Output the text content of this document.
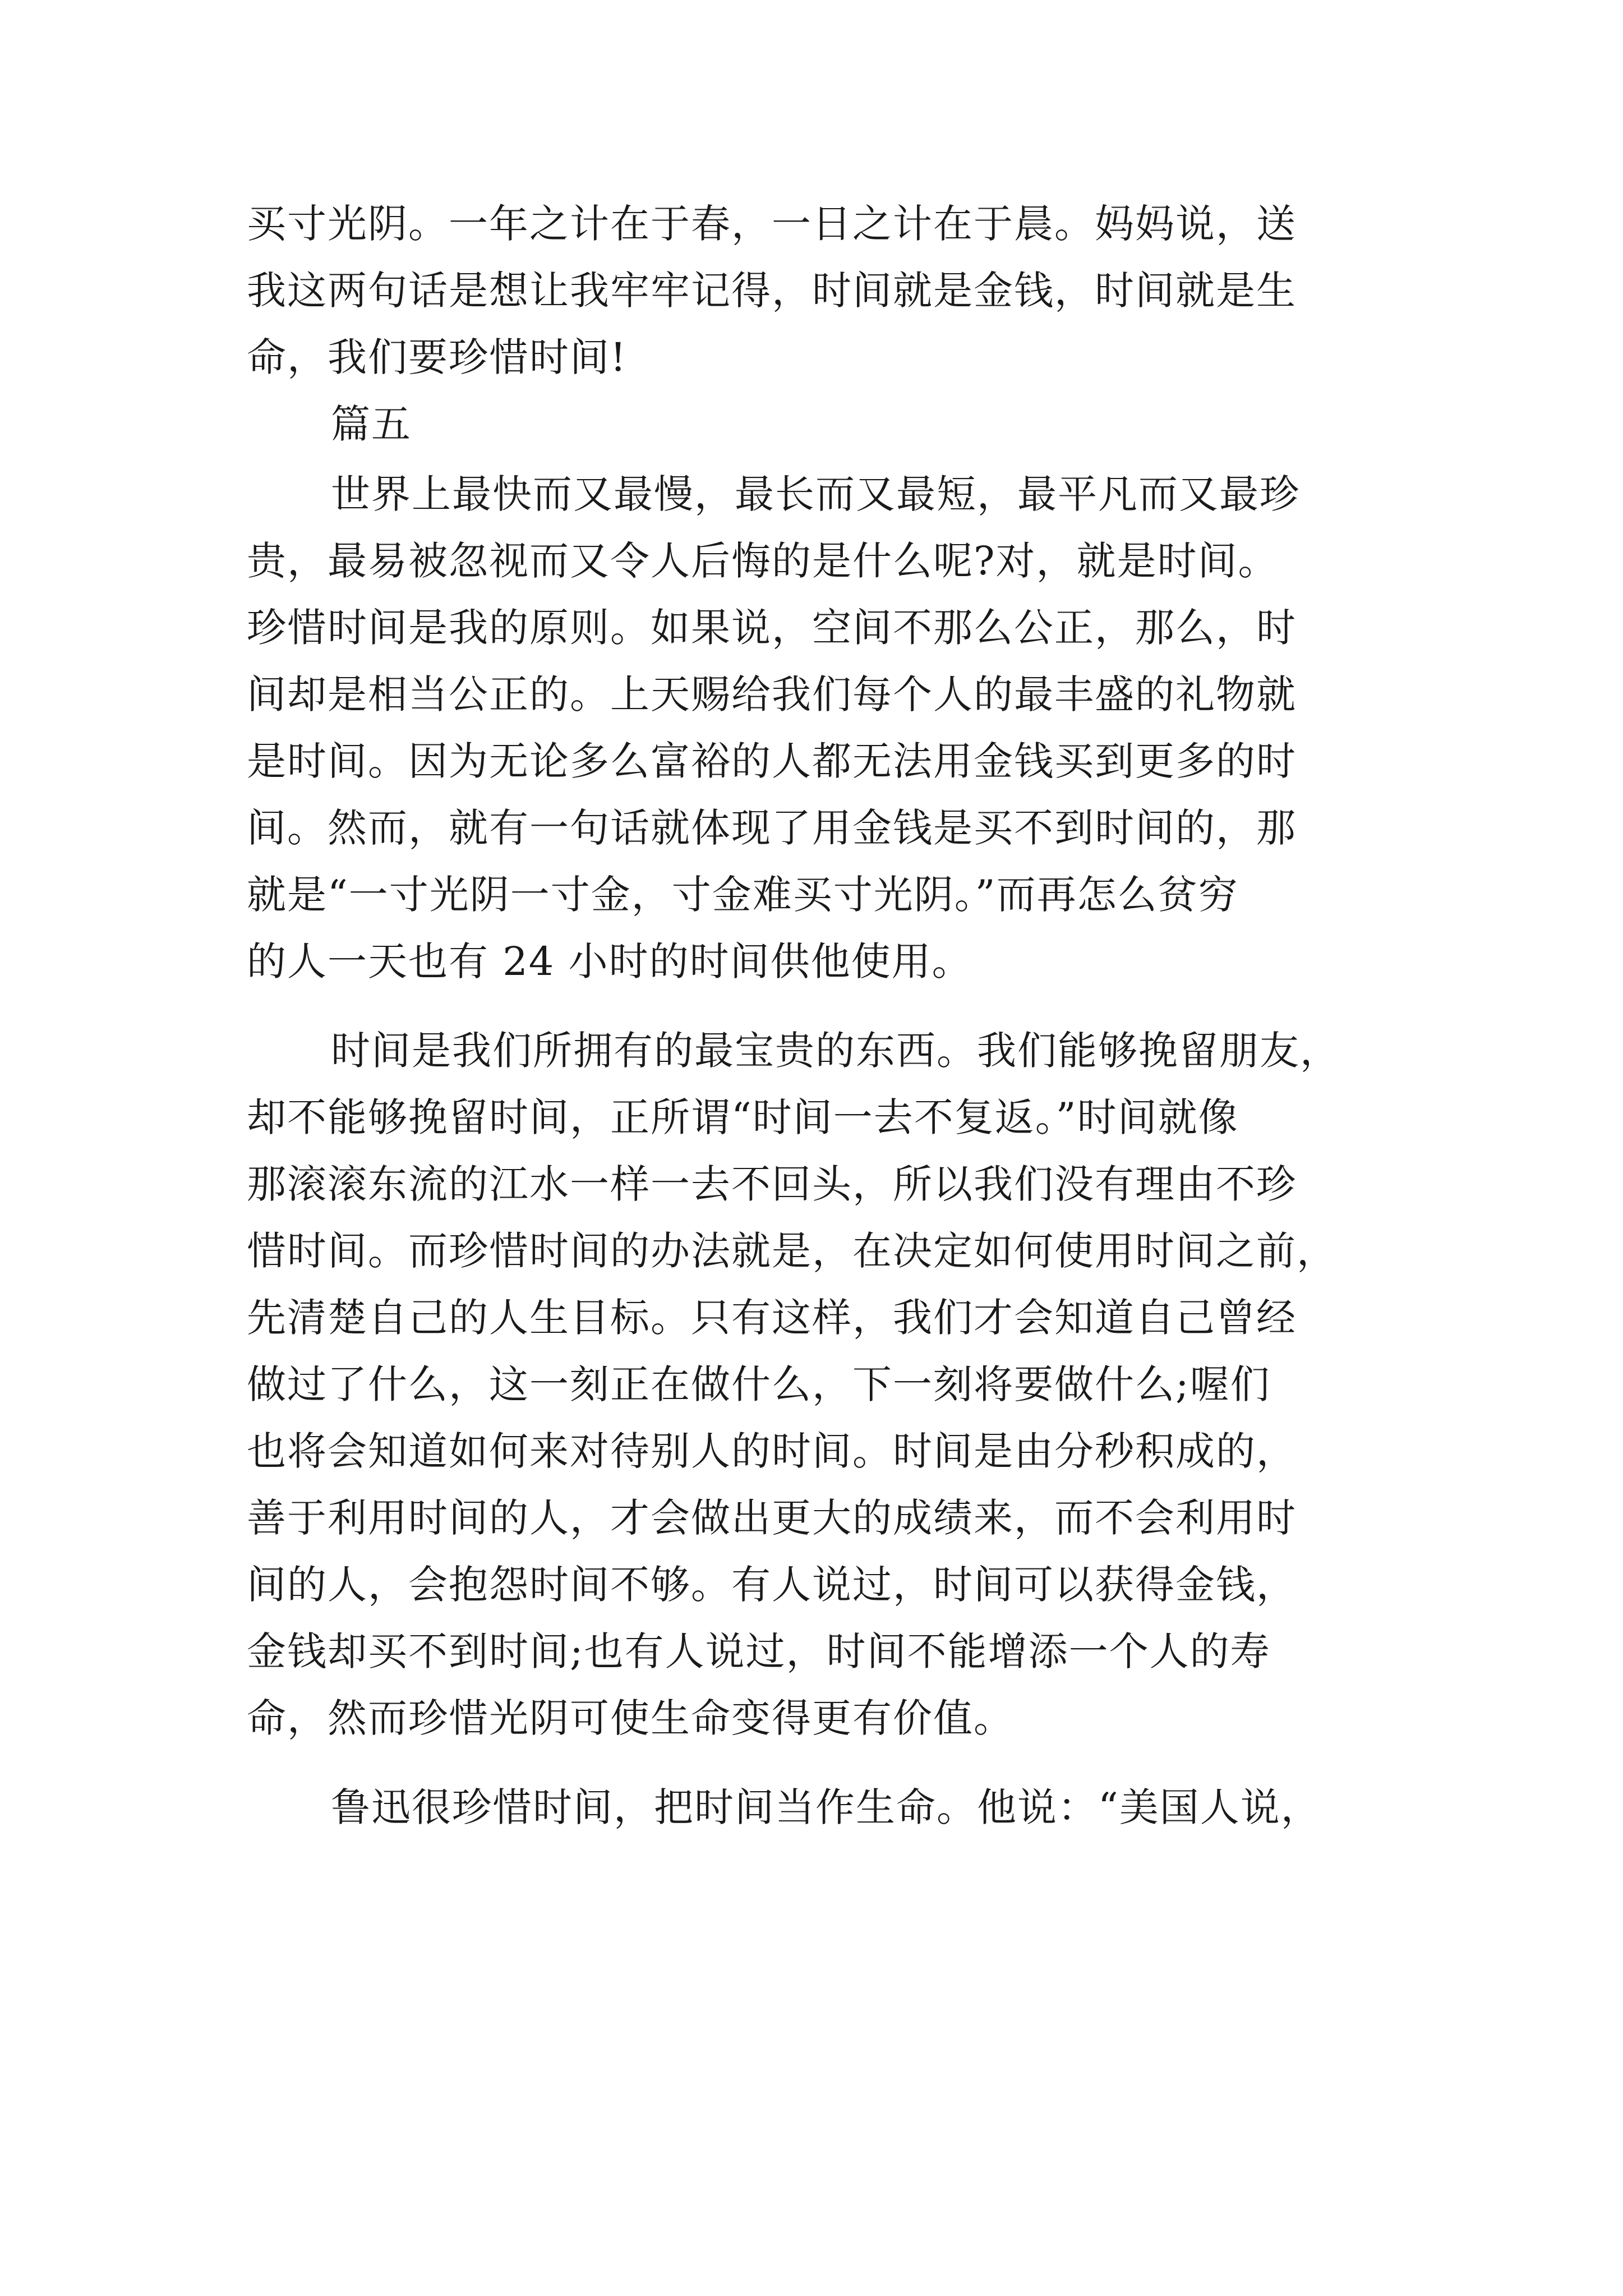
买寸光阴。一年之计在于春，一日之计在于晨。妈妈说，送
我这两句话是想让我牢牢记得，时间就是金钱，时间就是生
命，我们要珍惜时间!
篇五
世界上最快而又最慢，最长而又最短，最平凡而又最珍
贵，最易被忽视而又令人后悔的是什么呢?对，就是时间。
珍惜时间是我的原则。如果说，空间不那么公正，那么，时
间却是相当公正的。上天赐给我们每个人的最丰盛的礼物就
是时间。因为无论多么富裕的人都无法用金钱买到更多的时
间。然而，就有一句话就体现了用金钱是买不到时间的，那
就是“一寸光阴一寸金，寸金难买寸光阴。”而再怎么贫穷
的人一天也有 24 小时的时间供他使用。
时间是我们所拥有的最宝贵的东西。我们能够挽留朋友，
却不能够挽留时间，正所谓“时间一去不复返。”时间就像
那滚滚东流的江水一样一去不回头，所以我们没有理由不珍
惜时间。而珍惜时间的办法就是，在决定如何使用时间之前，
先清楚自己的人生目标。只有这样，我们才会知道自己曾经
做过了什么，这一刻正在做什么，下一刻将要做什么;喔们
也将会知道如何来对待别人的时间。时间是由分秒积成的，
善于利用时间的人，才会做出更大的成绩来，而不会利用时
间的人，会抱怨时间不够。有人说过，时间可以获得金钱，
金钱却买不到时间;也有人说过，时间不能增添一个人的寿
命，然而珍惜光阴可使生命变得更有价值。
鲁迅很珍惜时间，把时间当作生命。他说：“美国人说，
